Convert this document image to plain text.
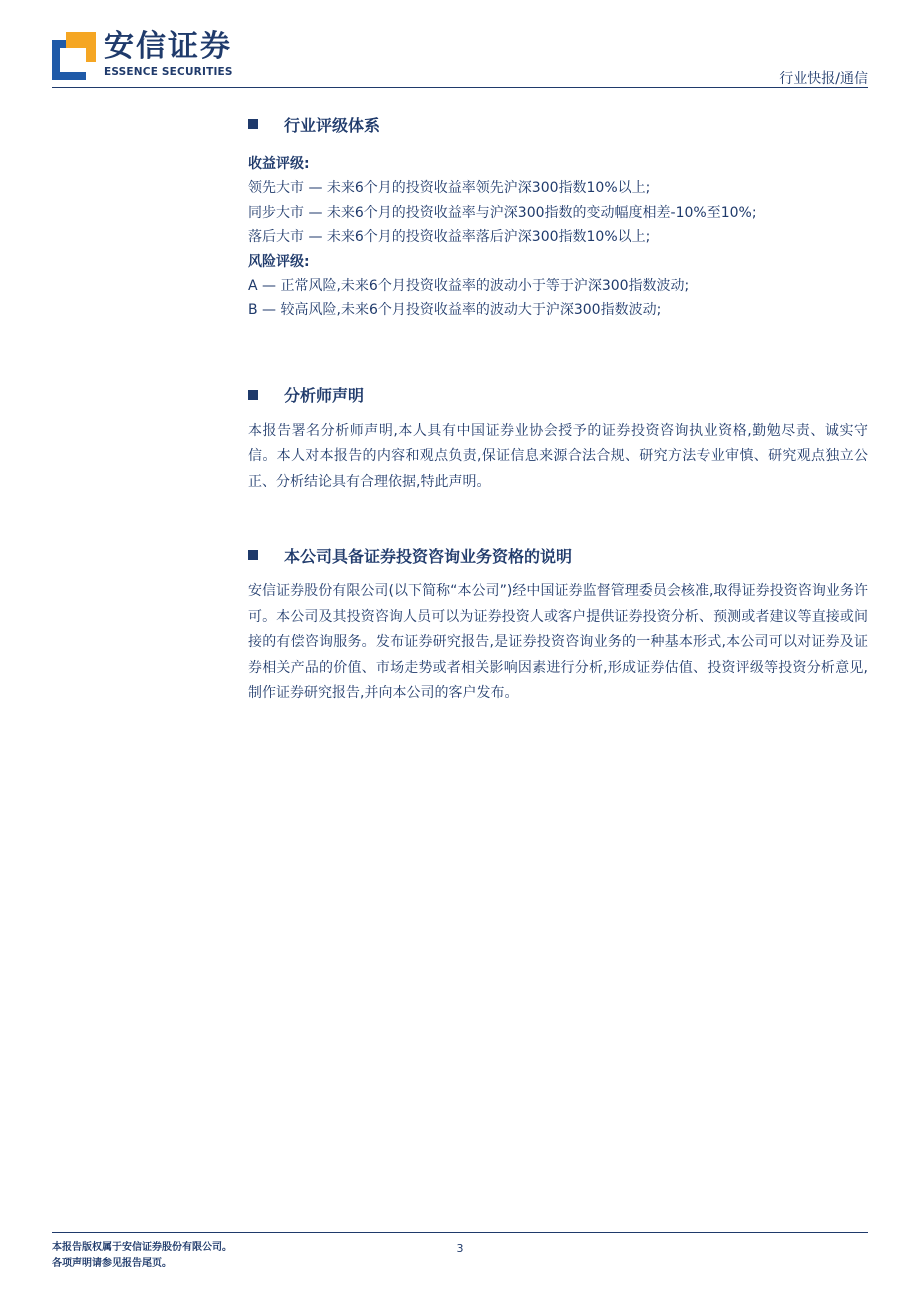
安信证券
ESSENCE SECURITIES	行业快报/通信
行业评级体系
收益评级:
领先大市 — 未来6个月的投资收益率领先沪深300指数10%以上;
同步大市 — 未来6个月的投资收益率与沪深300指数的变动幅度相差-10%至10%;
落后大市 — 未来6个月的投资收益率落后沪深300指数10%以上;
风险评级:
A — 正常风险,未来6个月投资收益率的波动小于等于沪深300指数波动;
B — 较高风险,未来6个月投资收益率的波动大于沪深300指数波动;
分析师声明
本报告署名分析师声明,本人具有中国证券业协会授予的证券投资咨询执业资格,勤勉尽责、诚实守信。本人对本报告的内容和观点负责,保证信息来源合法合规、研究方法专业审慎、研究观点独立公正、分析结论具有合理依据,特此声明。
本公司具备证券投资咨询业务资格的说明
安信证券股份有限公司(以下简称“本公司”)经中国证券监督管理委员会核准,取得证券投资咨询业务许可。本公司及其投资咨询人员可以为证券投资人或客户提供证券投资分析、预测或者建议等直接或间接的有偿咨询服务。发布证券研究报告,是证券投资咨询业务的一种基本形式,本公司可以对证券及证券相关产品的价值、市场走势或者相关影响因素进行分析,形成证券估值、投资评级等投资分析意见,制作证券研究报告,并向本公司的客户发布。
本报告版权属于安信证券股份有限公司。
各项声明请参见报告尾页。
3
